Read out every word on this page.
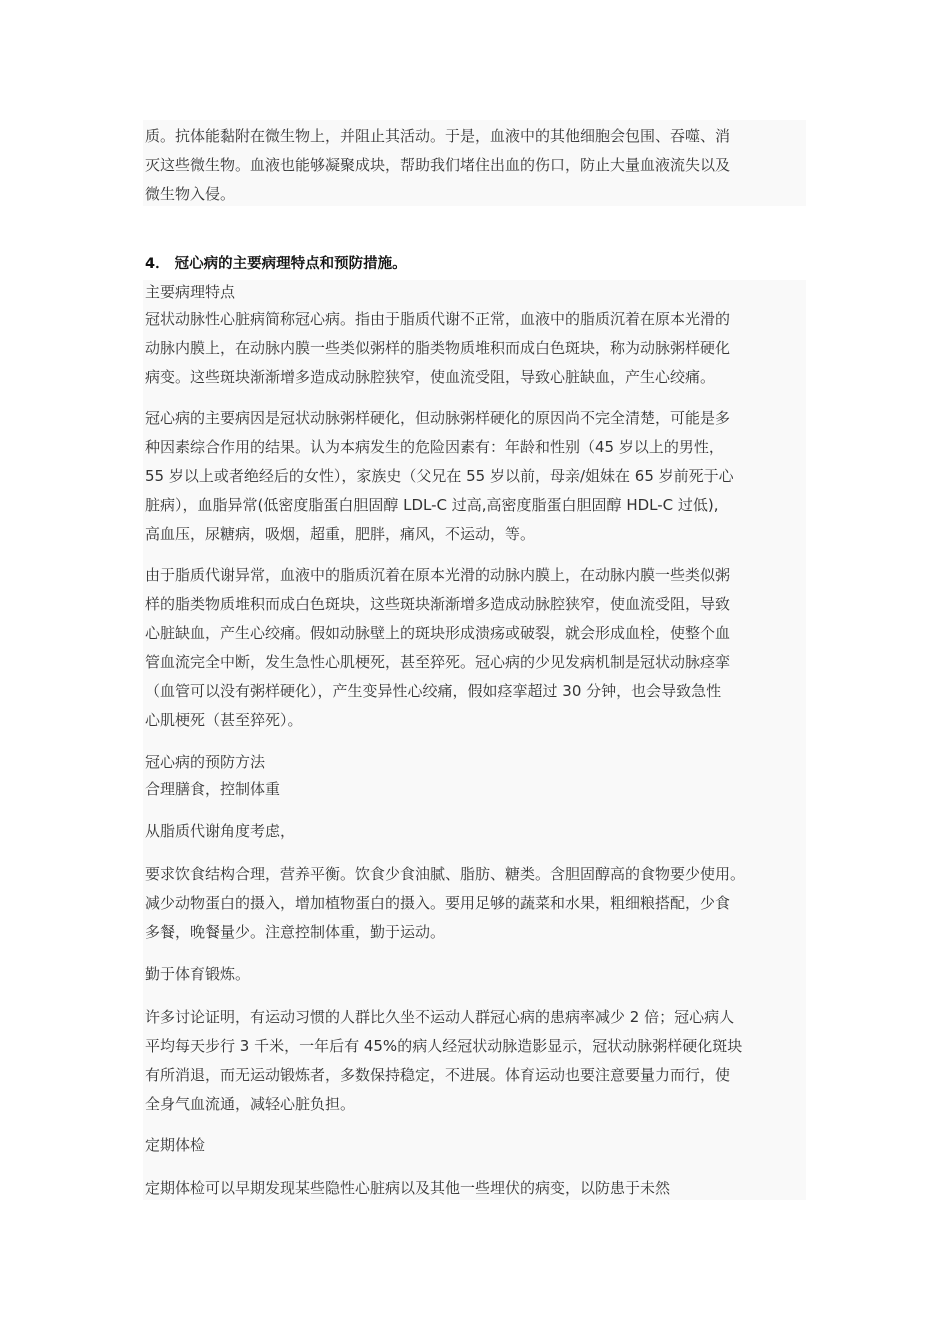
质。抗体能黏附在微生物上，并阻止其活动。于是，血液中的其他细胞会包围、吞噬、消
灭这些微生物。血液也能够凝聚成块，帮助我们堵住出血的伤口，防止大量血液流失以及
微生物入侵。

4． 冠心病的主要病理特点和预防措施。

主要病理特点

冠状动脉性心脏病简称冠心病。指由于脂质代谢不正常，血液中的脂质沉着在原本光滑的
动脉内膜上，在动脉内膜一些类似粥样的脂类物质堆积而成白色斑块，称为动脉粥样硬化
病变。这些斑块渐渐增多造成动脉腔狭窄，使血流受阻，导致心脏缺血，产生心绞痛。

冠心病的主要病因是冠状动脉粥样硬化，但动脉粥样硬化的原因尚不完全清楚，可能是多
种因素综合作用的结果。认为本病发生的危险因素有：年龄和性别（45 岁以上的男性，
55 岁以上或者绝经后的女性），家族史（父兄在 55 岁以前，母亲/姐妹在 65 岁前死于心
脏病），血脂异常(低密度脂蛋白胆固醇 LDL-C 过高,高密度脂蛋白胆固醇 HDL-C 过低),
高血压，尿糖病，吸烟，超重，肥胖，痛风，不运动，等。

由于脂质代谢异常，血液中的脂质沉着在原本光滑的动脉内膜上，在动脉内膜一些类似粥
样的脂类物质堆积而成白色斑块，这些斑块渐渐增多造成动脉腔狭窄，使血流受阻，导致
心脏缺血，产生心绞痛。假如动脉壁上的斑块形成溃疡或破裂，就会形成血栓，使整个血
管血流完全中断，发生急性心肌梗死，甚至猝死。冠心病的少见发病机制是冠状动脉痉挛
（血管可以没有粥样硬化），产生变异性心绞痛，假如痉挛超过 30 分钟，也会导致急性
心肌梗死（甚至猝死）。

冠心病的预防方法

合理膳食，控制体重

从脂质代谢角度考虑，

要求饮食结构合理，营养平衡。饮食少食油腻、脂肪、糖类。含胆固醇高的食物要少使用。
减少动物蛋白的摄入，增加植物蛋白的摄入。要用足够的蔬菜和水果，粗细粮搭配，少食
多餐，晚餐量少。注意控制体重，勤于运动。

勤于体育锻炼。

许多讨论证明，有运动习惯的人群比久坐不运动人群冠心病的患病率减少 2 倍；冠心病人
平均每天步行 3 千米，一年后有 45%的病人经冠状动脉造影显示，冠状动脉粥样硬化斑块
有所消退，而无运动锻炼者，多数保持稳定，不进展。体育运动也要注意要量力而行，使
全身气血流通，减轻心脏负担。

定期体检

定期体检可以早期发现某些隐性心脏病以及其他一些埋伏的病变，以防患于未然
